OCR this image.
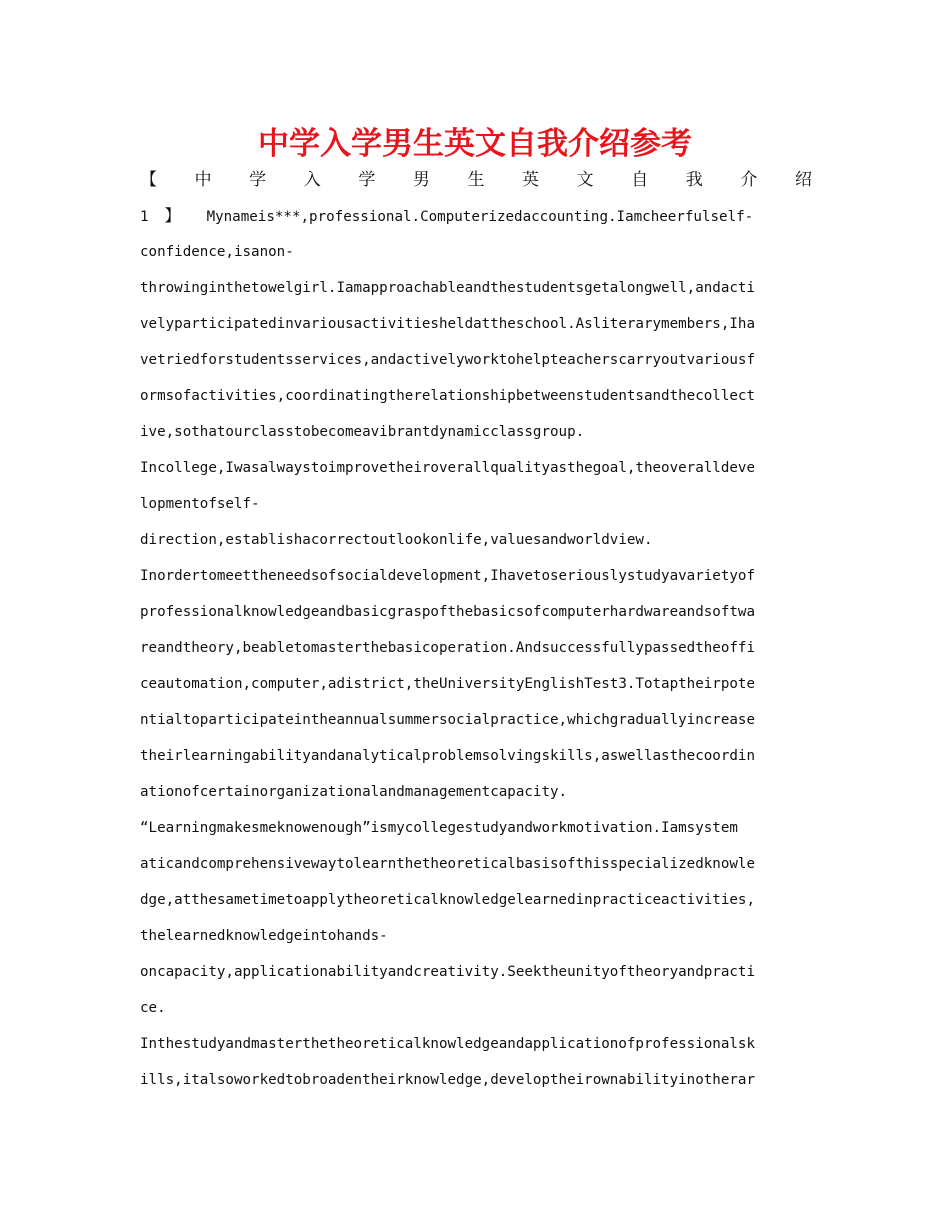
中学入学男生英文自我介绍参考
【 中 学 入 学 男 生 英 文 自 我 介 绍
1 】 Mynameis***,professional.Computerizedaccounting.Iamcheerfulself-
confidence,isanon-
throwinginthetowelgirl.Iamapproachableandthestudentsgetalongwell,andacti
velyparticipatedinvariousactivitiesheldattheschool.Asliterarymembers,Iha
vetriedforstudentsservices,andactivelyworktohelpteacherscarryoutvariousf
ormsofactivities,coordinatingtherelationshipbetweenstudentsandthecollect
ive,sothatourclasstobecomeavibrantdynamicclassgroup.
Incollege,Iwasalwaystoimprovetheiroverallqualityasthegoal,theoveralldeve
lopmentofself-
direction,establishacorrectoutlookonlife,valuesandworldview.
Inordertomeettheneedsofsocialdevelopment,Ihavetoseriouslystudyavarietyof
professionalknowledgeandbasicgraspofthebasicsofcomputerhardwareandsoftwa
reandtheory,beabletomasterthebasicoperation.Andsuccessfullypassedtheoffi
ceautomation,computer,adistrict,theUniversityEnglishTest3.Totaptheirpote
ntialtoparticipateintheannualsummersocialpractice,whichgraduallyincrease
theirlearningabilityandanalyticalproblemsolvingskills,aswellasthecoordin
ationofcertainorganizationalandmanagementcapacity.
“Learningmakesmeknowenough”ismycollegestudyandworkmotivation.Iamsystem
aticandcomprehensivewaytolearnthetheoreticalbasisofthisspecializedknowle
dge,atthesametimetoapplytheoreticalknowledgelearnedinpracticeactivities,
thelearnedknowledgeintohands-
oncapacity,applicationabilityandcreativity.Seektheunityoftheoryandpracti
ce.
Inthestudyandmasterthetheoreticalknowledgeandapplicationofprofessionalsk
ills,italsoworkedtobroadentheirknowledge,developtheirownabilityinotherar
